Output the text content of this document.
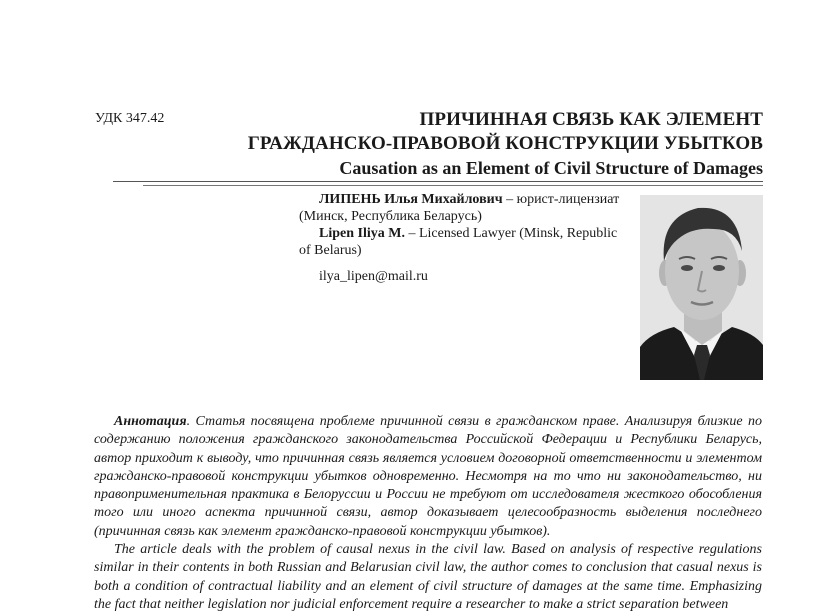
УДК 347.42	ПРИЧИННАЯ СВЯЗЬ КАК ЭЛЕМЕНТ
ГРАЖДАНСКО-ПРАВОВОЙ КОНСТРУКЦИИ УБЫТКОВ
Causation as an Element of Civil Structure of Damages

ЛИПЕНЬ Илья Михайлович – юрист-лицензиат (Минск, Республика Беларусь)

Lipen Iliya M. – Licensed Lawyer (Minsk, Republic of Belarus)

ilya_lipen@mail.ru

Аннотация. Статья посвящена проблеме причинной связи в гражданском праве. Анализируя близкие по содержанию положения гражданского законодательства Российской Федерации и Республики Беларусь, автор приходит к выводу, что причинная связь является условием договорной ответственности и элементом гражданско-правовой конструкции убытков одновременно. Несмотря на то что ни законодательство, ни правоприменительная практика в Белоруссии и России не требуют от исследователя жесткого обособления того или иного аспекта причинной связи, автор доказывает целесообразность выделения последнего (причинная связь как элемент гражданско-правовой конструкции убытков).

The article deals with the problem of causal nexus in the civil law. Based on analysis of respective regulations similar in their contents in both Russian and Belarusian civil law, the author comes to conclusion that casual nexus is both a condition of contractual liability and an element of civil structure of damages at the same time. Emphasizing the fact that neither legislation nor judicial enforcement require a researcher to make a strict separation between
